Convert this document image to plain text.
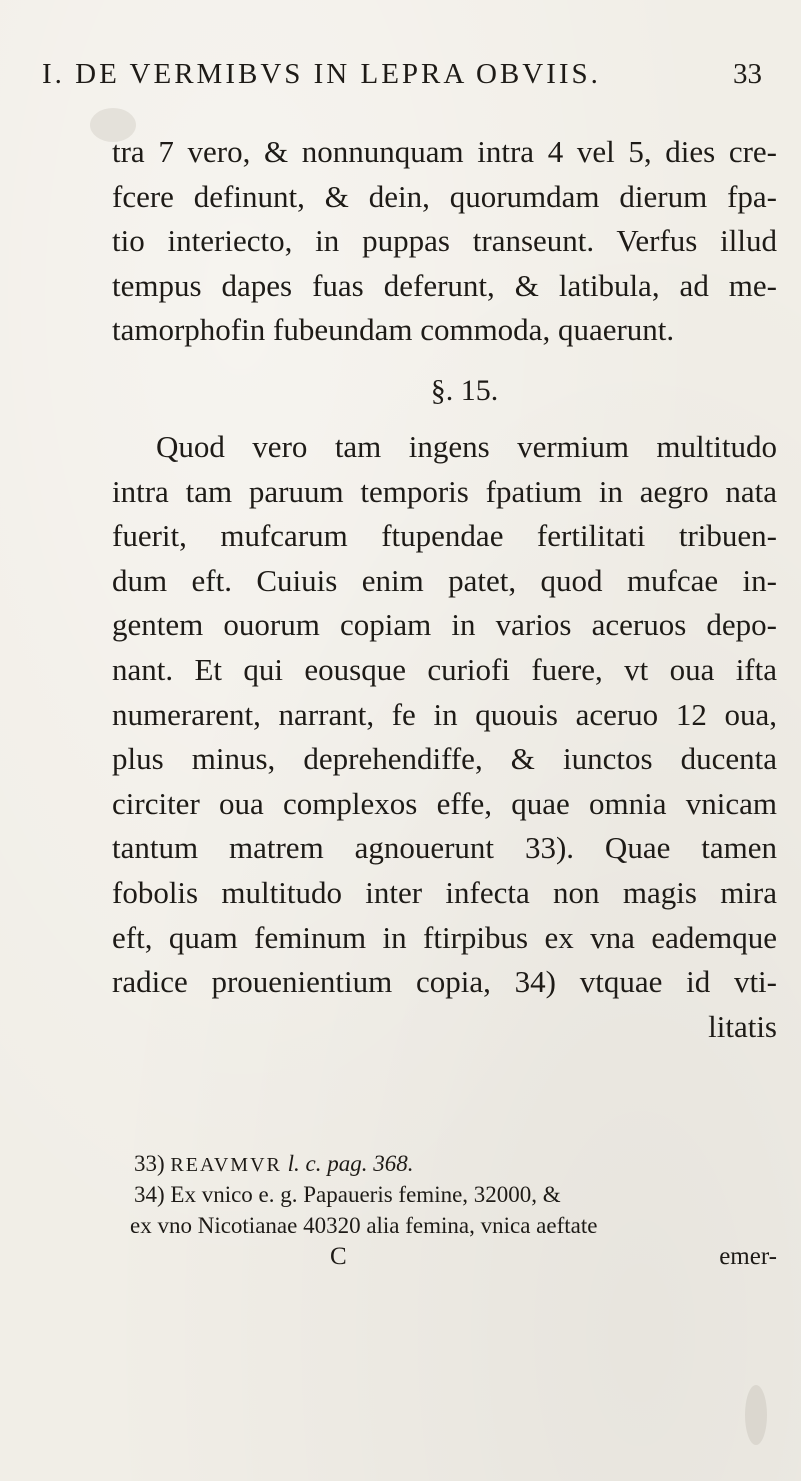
I. DE VERMIBVS IN LEPRA OBVIIS.	33
tra 7 vero, & nonnunquam intra 4 vel 5, dies cre-
fcere definunt, & dein, quorumdam dierum fpa-
tio interiecto, in puppas transeunt. Verfus illud
tempus dapes fuas deferunt, & latibula, ad me-
tamorphofin fubeundam commoda, quaerunt.
§. 15.
Quod vero tam ingens vermium multitudo
intra tam paruum temporis fpatium in aegro nata
fuerit, mufcarum ftupendae fertilitati tribuen-
dum eft. Cuiuis enim patet, quod mufcae in-
gentem ouorum copiam in varios aceruos depo-
nant. Et qui eousque curiofi fuere, vt oua ifta
numerarent, narrant, fe in quouis aceruo 12 oua,
plus minus, deprehendiffe, & iunctos ducenta
circiter oua complexos effe, quae omnia vnicam
tantum matrem agnouerunt 33). Quae tamen
fobolis multitudo inter infecta non magis mira
eft, quam feminum in ftirpibus ex vna eademque
radice prouenientium copia, 34) vtquae id vti-
litatis
33) REAVMVR l. c. pag. 368.
34) Ex vnico e. g. Papaueris femine, 32000, &
ex vno Nicotianae 40320 alia femina, vnica aeftate
C	emer-
